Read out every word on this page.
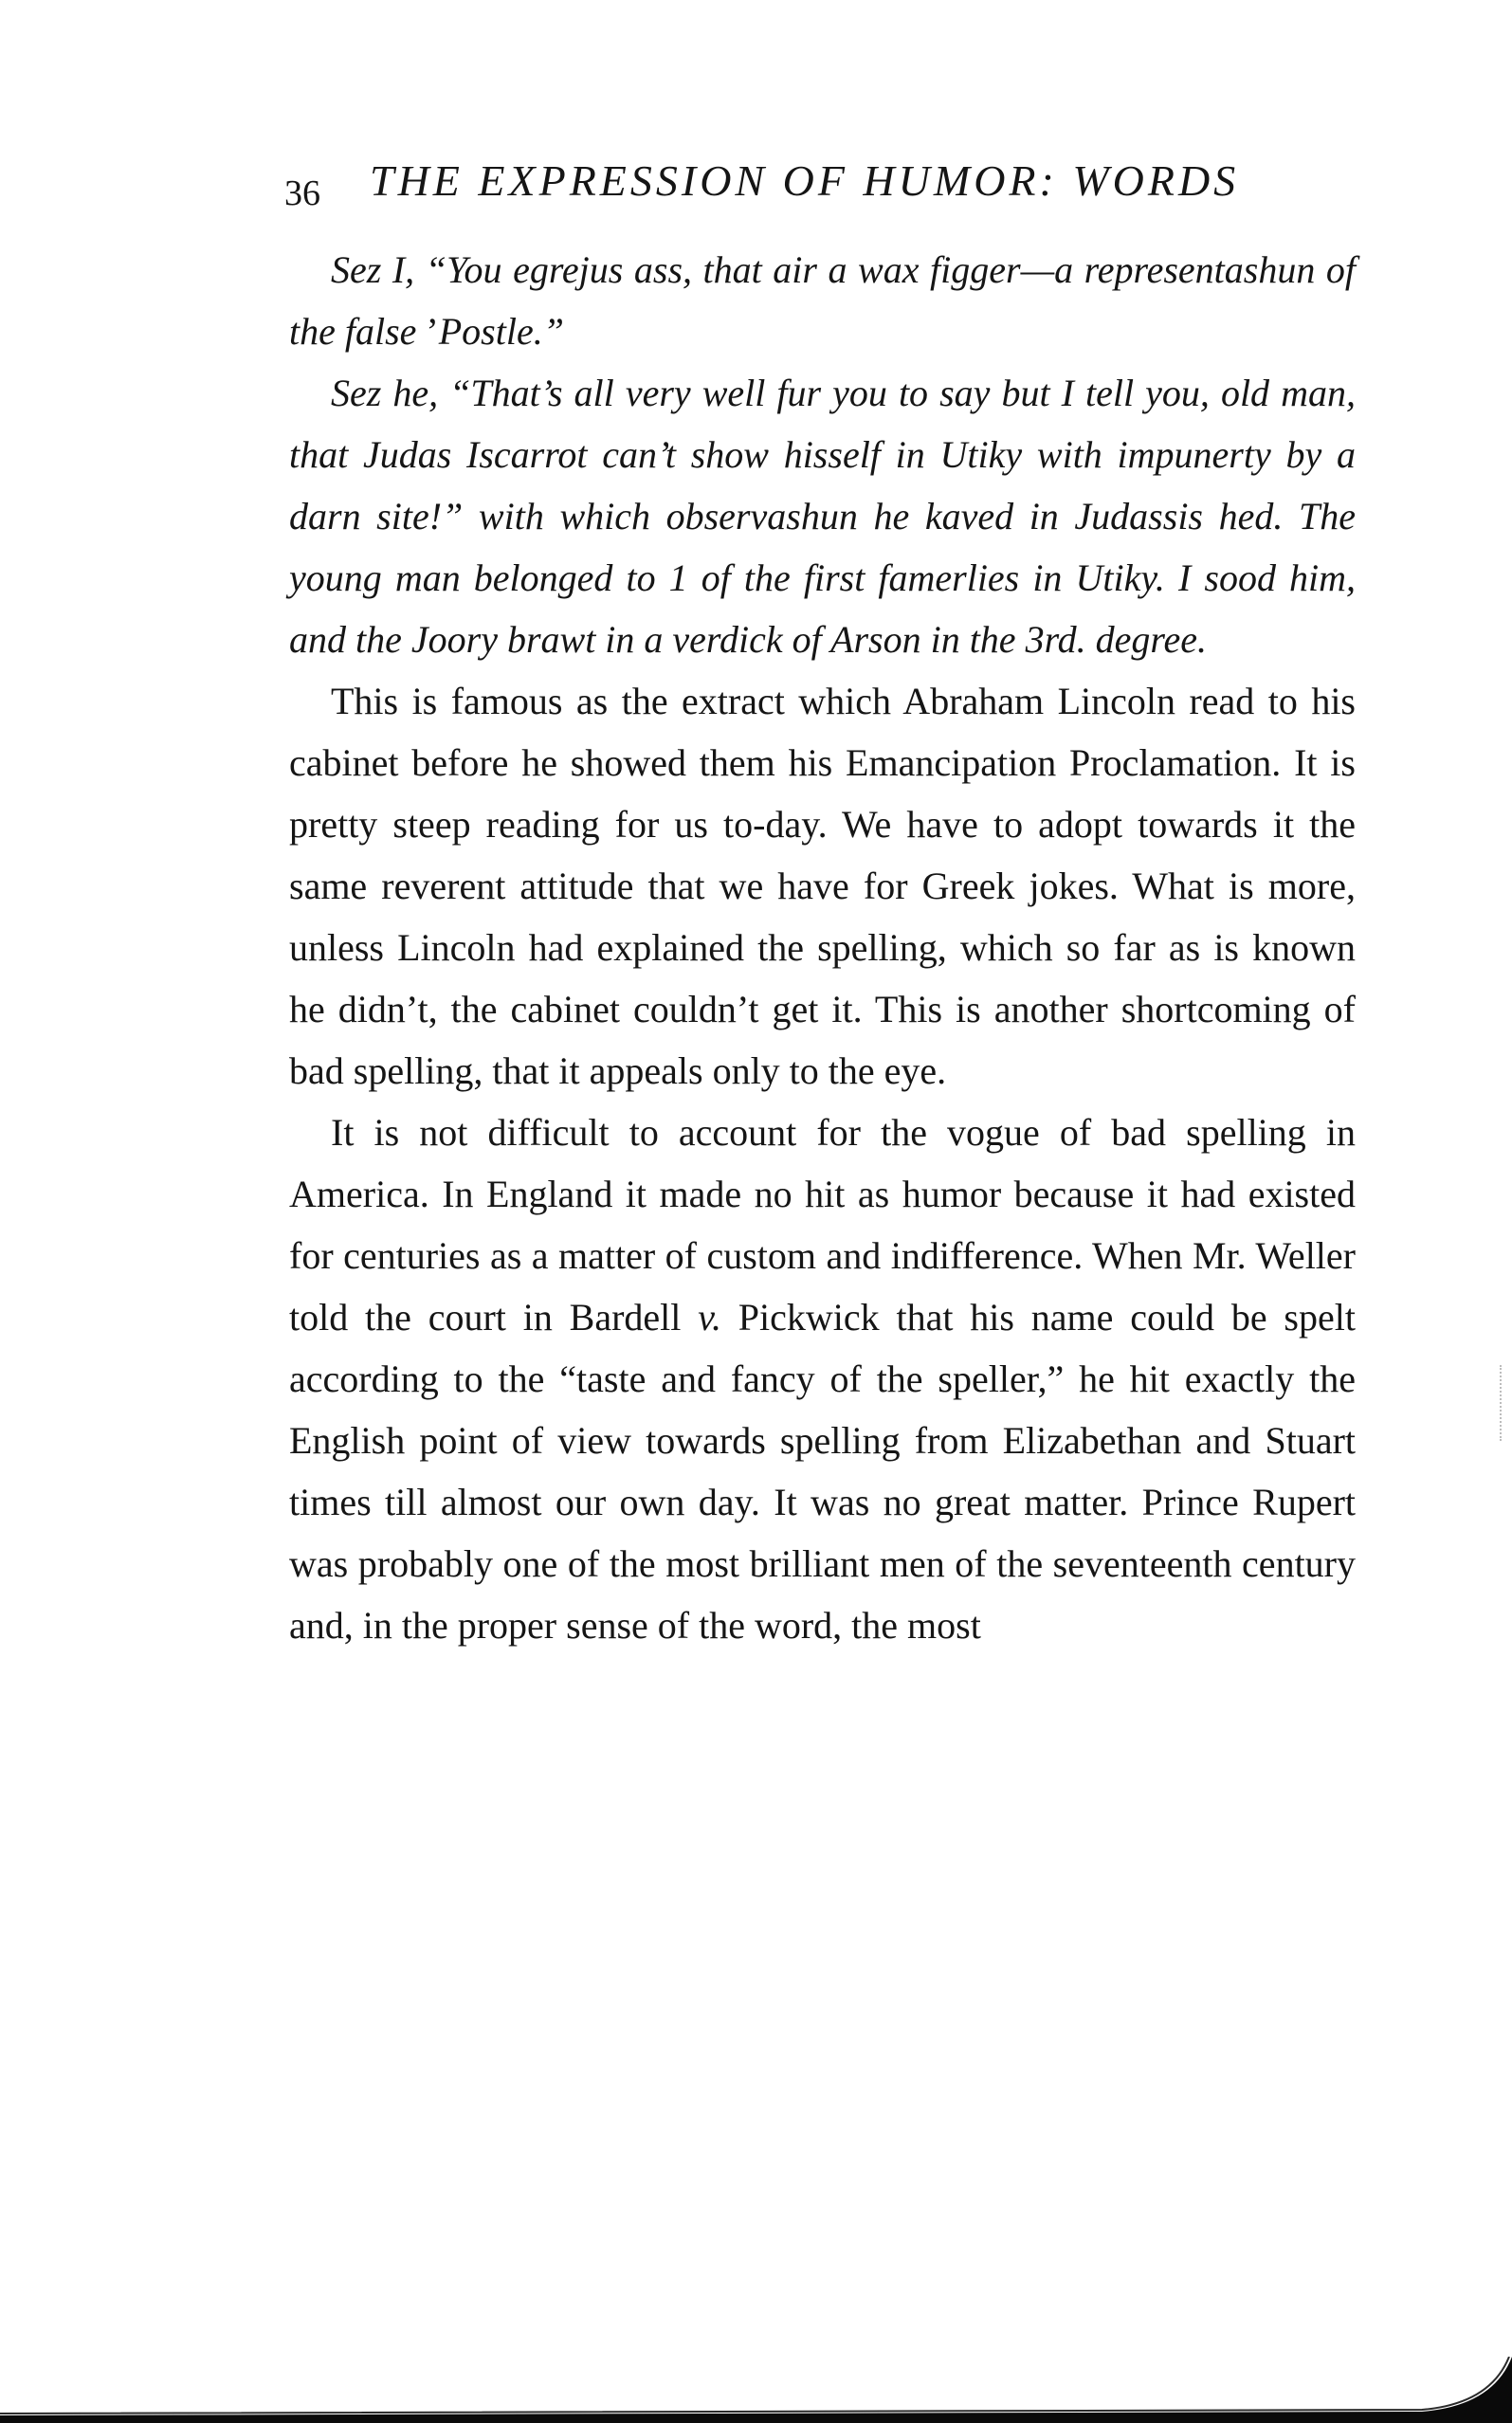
36 THE EXPRESSION OF HUMOR: WORDS

Sez I, “You egrejus ass, that air a wax figger—a representashun of the false ’Postle.”

Sez he, “That’s all very well fur you to say but I tell you, old man, that Judas Iscarrot can’t show hisself in Utiky with impunerty by a darn site!” with which observashun he kaved in Judassis hed. The young man belonged to 1 of the first famerlies in Utiky. I sood him, and the Joory brawt in a verdick of Arson in the 3rd. degree.

This is famous as the extract which Abraham Lincoln read to his cabinet before he showed them his Emancipation Proclamation. It is pretty steep reading for us to-day. We have to adopt towards it the same reverent attitude that we have for Greek jokes. What is more, unless Lincoln had explained the spelling, which so far as is known he didn’t, the cabinet couldn’t get it. This is another shortcoming of bad spelling, that it appeals only to the eye.

It is not difficult to account for the vogue of bad spelling in America. In England it made no hit as humor because it had existed for centuries as a matter of custom and indifference. When Mr. Weller told the court in Bardell v. Pickwick that his name could be spelt according to the “taste and fancy of the speller,” he hit exactly the English point of view towards spelling from Elizabethan and Stuart times till almost our own day. It was no great matter. Prince Rupert was probably one of the most brilliant men of the seventeenth century and, in the proper sense of the word, the most
